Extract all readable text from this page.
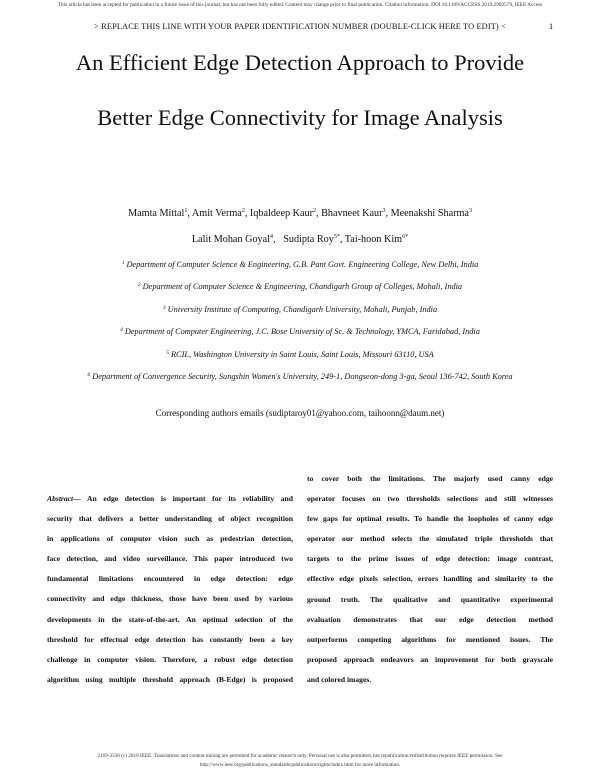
This article has been accepted for publication in a future issue of this journal, but has not been fully edited. Content may change prior to final publication. Citation information: DOI 10.1109/ACCESS.2019.2902579, IEEE Access
> REPLACE THIS LINE WITH YOUR PAPER IDENTIFICATION NUMBER (DOUBLE-CLICK HERE TO EDIT) <	1
An Efficient Edge Detection Approach to Provide
Better Edge Connectivity for Image Analysis
Mamta Mittal$^1$, Amit Verma$^2$, Iqbaldeep Kaur$^2$, Bhavneet Kaur$^3$, Meenakshi Sharma$^3$
Lalit Mohan Goyal$^4$,   Sudipta Roy$^{5*}$, Tai-hoon Kim$^{6*}$
$^1$ Department of Computer Science & Engineering, G.B. Pant Govt. Engineering College, New Delhi, India
$^2$ Department of Computer Science & Engineering, Chandigarh Group of Colleges, Mohali, India
$^3$ University Institute of Computing, Chandigarh University, Mohali, Punjab, India
$^4$ Department of Computer Engineering, J.C. Bose University of Sc. & Technology, YMCA, Faridabad, India
$^5$ RCIL, Washington University in Saint Louis, Saint Louis, Missouri 63110, USA
$^6$ Department of Convergence Security, Sungshin Women's University, 249-1, Dongseon-dong 3-ga, Seoul 136-742, South Korea
Corresponding authors emails (sudiptaroy01@yahoo.com, taihoonn@daum.net)
Abstract— An edge detection is important for its reliability and
security that delivers a better understanding of object recognition
in applications of computer vision such as pedestrian detection,
face detection, and video surveillance. This paper introduced two
fundamental limitations encountered in edge detection: edge
connectivity and edge thickness, those have been used by various
developments in the state-of-the-art. An optimal selection of the
threshold for effectual edge detection has constantly been a key
challenge in computer vision. Therefore, a robust edge detection
algorithm using multiple threshold approach (B-Edge) is proposed
to cover both the limitations. The majorly used canny edge
operator focuses on two thresholds selections and still witnesses
few gaps for optimal results. To handle the loopholes of canny edge
operator our method selects the simulated triple thresholds that
targets to the prime issues of edge detection: image contrast,
effective edge pixels selection, errors handling and similarity to the
ground truth. The qualitative and quantitative experimental
evaluation demonstrates that our edge detection method
outperforms competing algorithms for mentioned issues. The
proposed approach endeavors an improvement for both grayscale
and colored images.
2169-3536 (c) 2018 IEEE. Translations and content mining are permitted for academic research only. Personal use is also permitted, but republication/redistribution requires IEEE permission. See
http://www.ieee.org/publications_standards/publications/rights/index.html for more information.
